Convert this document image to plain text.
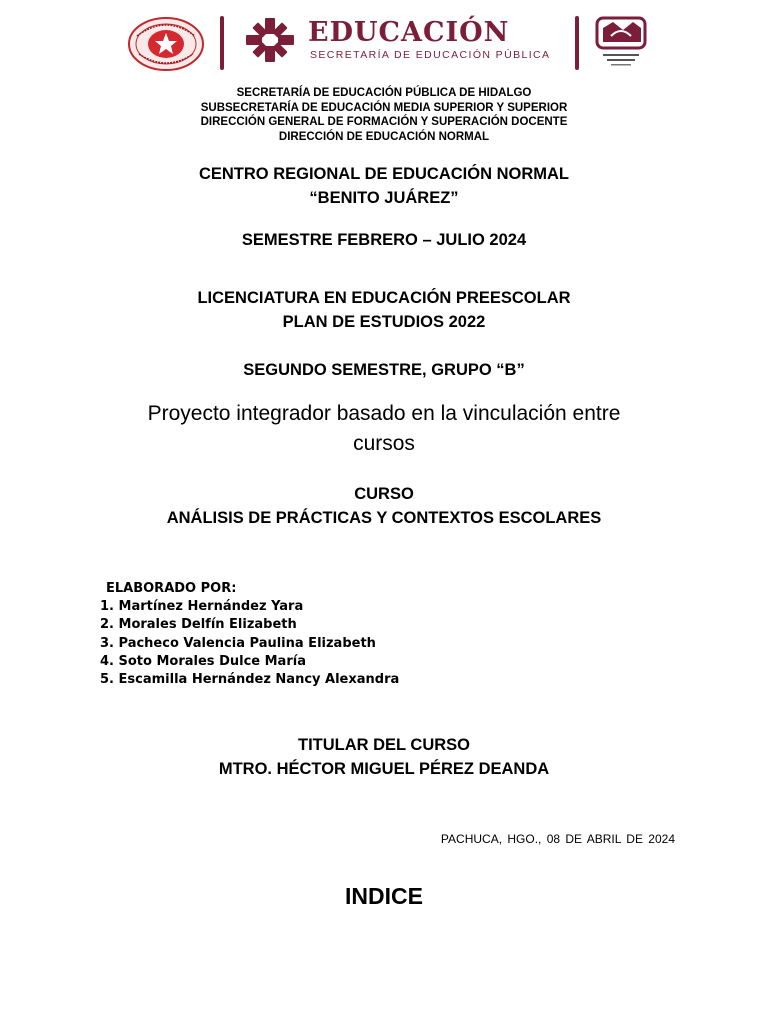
EDUCACIÓN
SECRETARÍA DE EDUCACIÓN PÚBLICA
SECRETARÍA DE EDUCACIÓN PÚBLICA DE HIDALGO
SUBSECRETARÍA DE EDUCACIÓN MEDIA SUPERIOR Y SUPERIOR
DIRECCIÓN GENERAL DE FORMACIÓN Y SUPERACIÓN DOCENTE
DIRECCIÓN DE EDUCACIÓN NORMAL
CENTRO REGIONAL DE EDUCACIÓN NORMAL
“BENITO JUÁREZ”
SEMESTRE FEBRERO – JULIO 2024
LICENCIATURA EN EDUCACIÓN PREESCOLAR
PLAN DE ESTUDIOS 2022
SEGUNDO SEMESTRE, GRUPO “B”
Proyecto integrador basado en la vinculación entre
cursos
CURSO
ANÁLISIS DE PRÁCTICAS Y CONTEXTOS ESCOLARES
ELABORADO POR:
1. Martínez Hernández Yara
2. Morales Delfín Elizabeth
3. Pacheco Valencia Paulina Elizabeth
4. Soto Morales Dulce María
5. Escamilla Hernández Nancy Alexandra
TITULAR DEL CURSO
MTRO. HÉCTOR MIGUEL PÉREZ DEANDA
PACHUCA, HGO., 08 DE ABRIL DE 2024
INDICE
